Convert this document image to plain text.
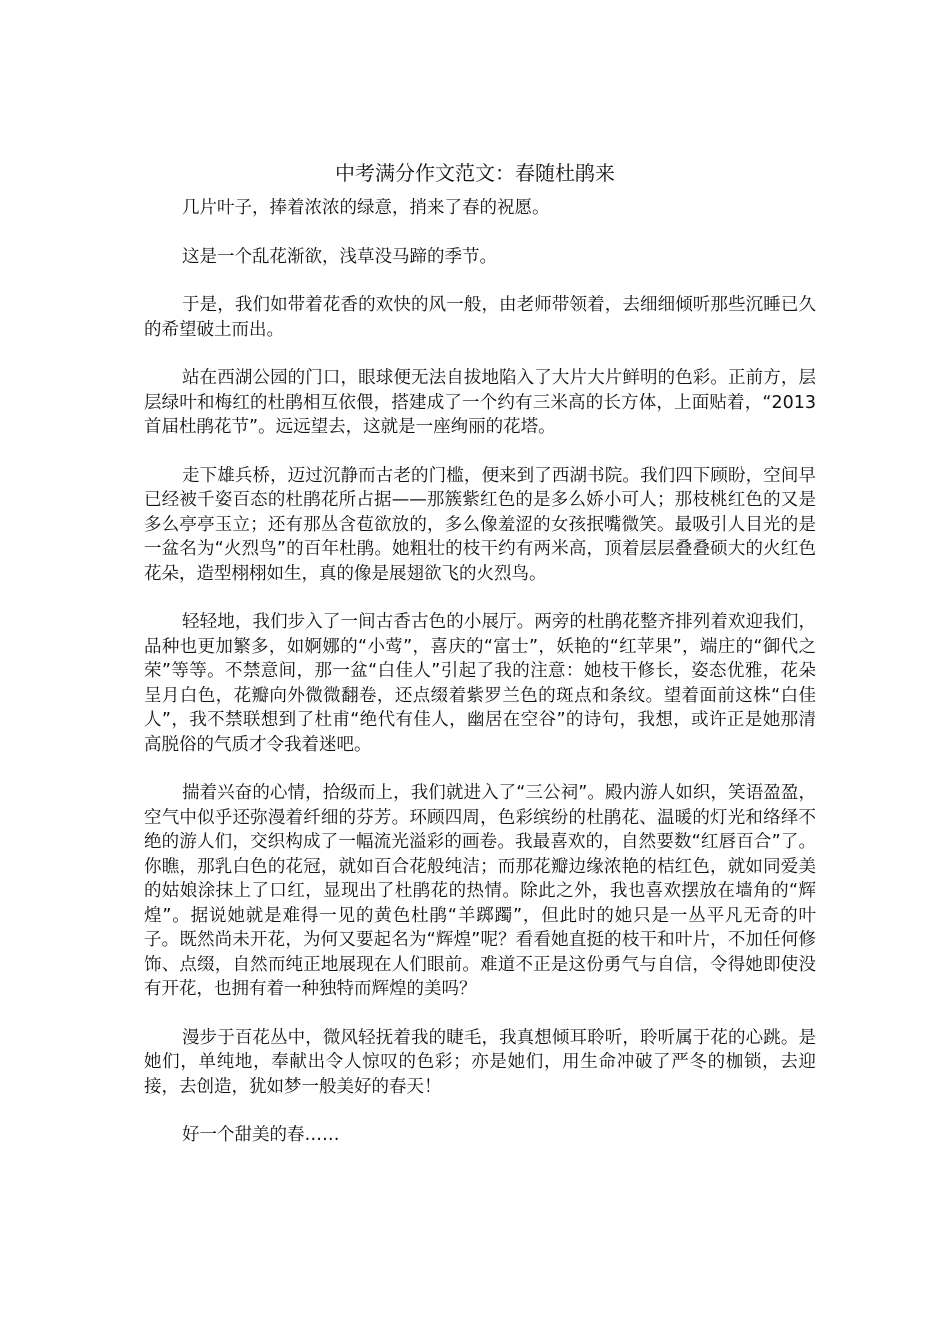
中考满分作文范文：春随杜鹃来

几片叶子，捧着浓浓的绿意，捎来了春的祝愿。

这是一个乱花渐欲，浅草没马蹄的季节。

于是，我们如带着花香的欢快的风一般，由老师带领着，去细细倾听那些沉睡已久的希望破土而出。

站在西湖公园的门口，眼球便无法自拔地陷入了大片大片鲜明的色彩。正前方，层层绿叶和梅红的杜鹃相互依偎，搭建成了一个约有三米高的长方体，上面贴着，“2013 首届杜鹃花节”。远远望去，这就是一座绚丽的花塔。

走下雄兵桥，迈过沉静而古老的门槛，便来到了西湖书院。我们四下顾盼，空间早已经被千姿百态的杜鹃花所占据——那簇紫红色的是多么娇小可人；那枝桃红色的又是多么亭亭玉立；还有那丛含苞欲放的，多么像羞涩的女孩抿嘴微笑。最吸引人目光的是一盆名为“火烈鸟”的百年杜鹃。她粗壮的枝干约有两米高，顶着层层叠叠硕大的火红色花朵，造型栩栩如生，真的像是展翅欲飞的火烈鸟。

轻轻地，我们步入了一间古香古色的小展厅。两旁的杜鹃花整齐排列着欢迎我们，品种也更加繁多，如婀娜的“小莺”，喜庆的“富士”，妖艳的“红苹果”，端庄的“御代之荣”等等。不禁意间，那一盆“白佳人”引起了我的注意：她枝干修长，姿态优雅，花朵呈月白色，花瓣向外微微翻卷，还点缀着紫罗兰色的斑点和条纹。望着面前这株“白佳人”，我不禁联想到了杜甫“绝代有佳人，幽居在空谷”的诗句，我想，或许正是她那清高脱俗的气质才令我着迷吧。

揣着兴奋的心情，拾级而上，我们就进入了“三公祠”。殿内游人如织，笑语盈盈，空气中似乎还弥漫着纤细的芬芳。环顾四周，色彩缤纷的杜鹃花、温暖的灯光和络绎不绝的游人们，交织构成了一幅流光溢彩的画卷。我最喜欢的，自然要数“红唇百合”了。你瞧，那乳白色的花冠，就如百合花般纯洁；而那花瓣边缘浓艳的桔红色，就如同爱美的姑娘涂抹上了口红，显现出了杜鹃花的热情。除此之外，我也喜欢摆放在墙角的“辉煌”。据说她就是难得一见的黄色杜鹃“羊踯躅”，但此时的她只是一丛平凡无奇的叶子。既然尚未开花，为何又要起名为“辉煌”呢？看看她直挺的枝干和叶片，不加任何修饰、点缀，自然而纯正地展现在人们眼前。难道不正是这份勇气与自信，令得她即使没有开花，也拥有着一种独特而辉煌的美吗？

漫步于百花丛中，微风轻抚着我的睫毛，我真想倾耳聆听，聆听属于花的心跳。是她们，单纯地，奉献出令人惊叹的色彩；亦是她们，用生命冲破了严冬的枷锁，去迎接，去创造，犹如梦一般美好的春天！

好一个甜美的春……
